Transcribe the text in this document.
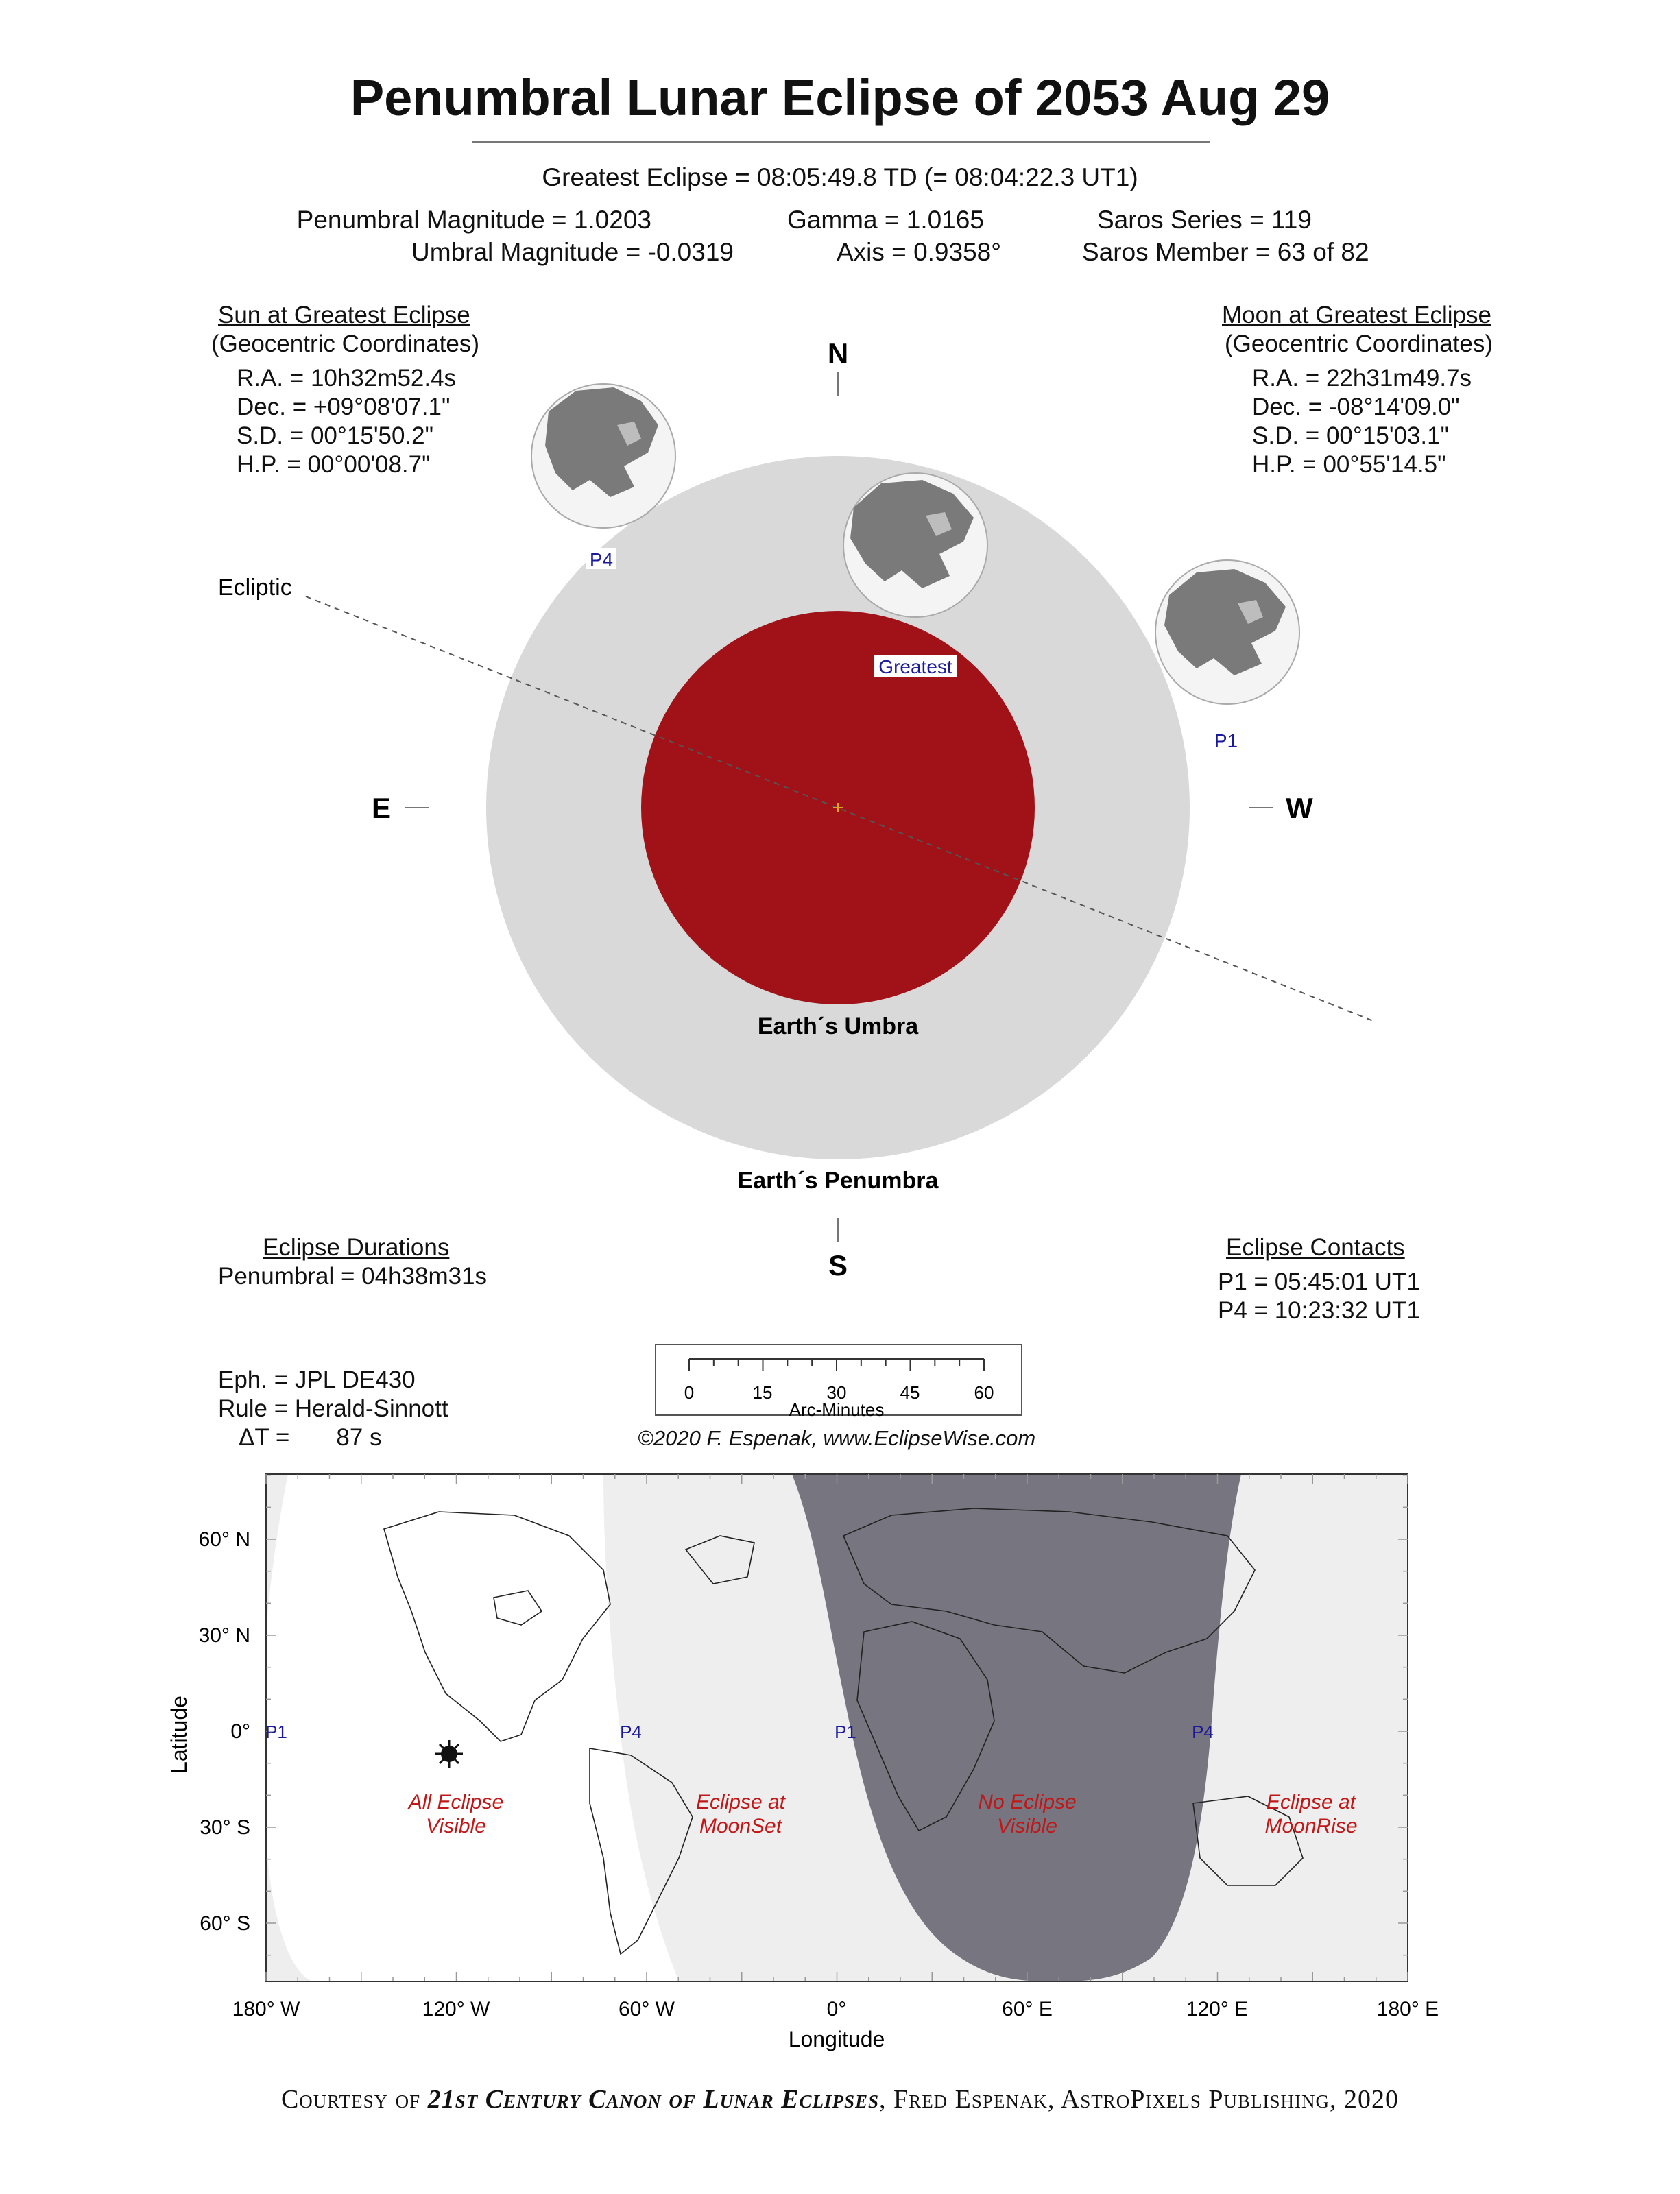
Penumbral Lunar Eclipse of 2053 Aug 29
Greatest Eclipse = 08:05:49.8 TD (= 08:04:22.3 UT1)
Penumbral Magnitude = 1.0203
Umbral Magnitude = -0.0319
Gamma = 1.0165
Axis = 0.9358°
Saros Series = 119
Saros Member = 63 of 82
Sun at Greatest Eclipse
(Geocentric Coordinates)
R.A. = 10h32m52.4s
Dec. = +09°08'07.1"
S.D. = 00°15'50.2"
H.P. = 00°00'08.7"
Moon at Greatest Eclipse
(Geocentric Coordinates)
R.A. = 22h31m49.7s
Dec. = -08°14'09.0"
S.D. = 00°15'03.1"
H.P. = 00°55'14.5"
N
S
E	W
Ecliptic
Earth´s Umbra
Earth´s Penumbra
P4
Greatest
P1
Eclipse Durations
Penumbral = 04h38m31s
Eclipse Contacts
P1 = 05:45:01 UT1
P4 = 10:23:32 UT1
Eph. = JPL DE430
Rule = Herald-Sinnott
ΔT =       87 s
0	15	30	45	60
Arc-Minutes
©2020 F. Espenak, www.EclipseWise.com
60° N
30° N
0°
30° S
60° S
Latitude
180° W	120° W	60° W	0°	60° E	120° E	180° E
Longitude
P1	P4	P1	P4
All Eclipse
Visible
Eclipse at
MoonSet
No Eclipse
Visible
Eclipse at
MoonRise
Courtesy of 21st Century Canon of Lunar Eclipses, Fred Espenak, AstroPixels Publishing, 2020
